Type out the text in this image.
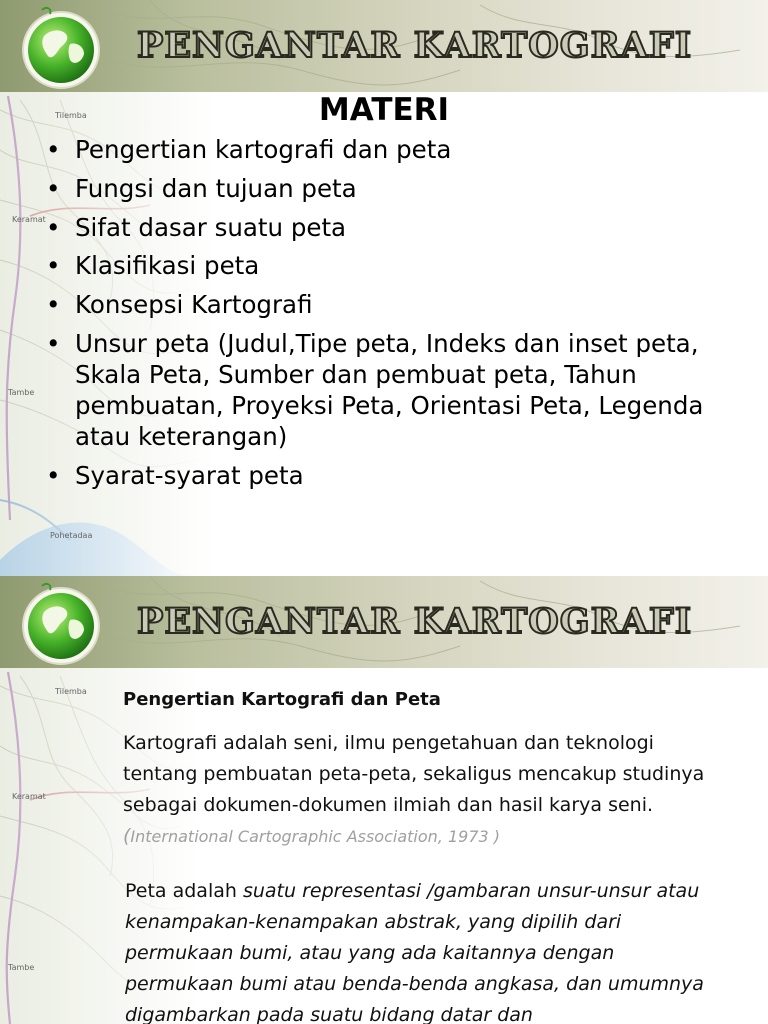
Tilemba
Keramat
Tambe
Pohetadaa
PENGANTAR KARTOGRAFI
MATERI
• Pengertian kartografi dan peta
• Fungsi dan tujuan peta
• Sifat dasar suatu peta
• Klasifikasi peta
• Konsepsi Kartografi
• Unsur peta (Judul,Tipe peta, Indeks dan inset peta, Skala Peta, Sumber dan pembuat peta, Tahun pembuatan, Proyeksi Peta, Orientasi Peta, Legenda atau keterangan)
• Syarat-syarat peta
Tilemba
Keramat
Tambe
PENGANTAR KARTOGRAFI
Pengertian Kartografi dan Peta
Kartografi adalah seni, ilmu pengetahuan dan teknologi tentang pembuatan peta-peta, sekaligus mencakup studinya sebagai dokumen-dokumen ilmiah dan hasil karya seni. (International Cartographic Association, 1973 )
Peta adalah suatu representasi /gambaran unsur-unsur atau kenampakan-kenampakan abstrak, yang dipilih dari permukaan bumi, atau yang ada kaitannya dengan permukaan bumi atau benda-benda angkasa, dan umumnya digambarkan pada suatu bidang datar dan
